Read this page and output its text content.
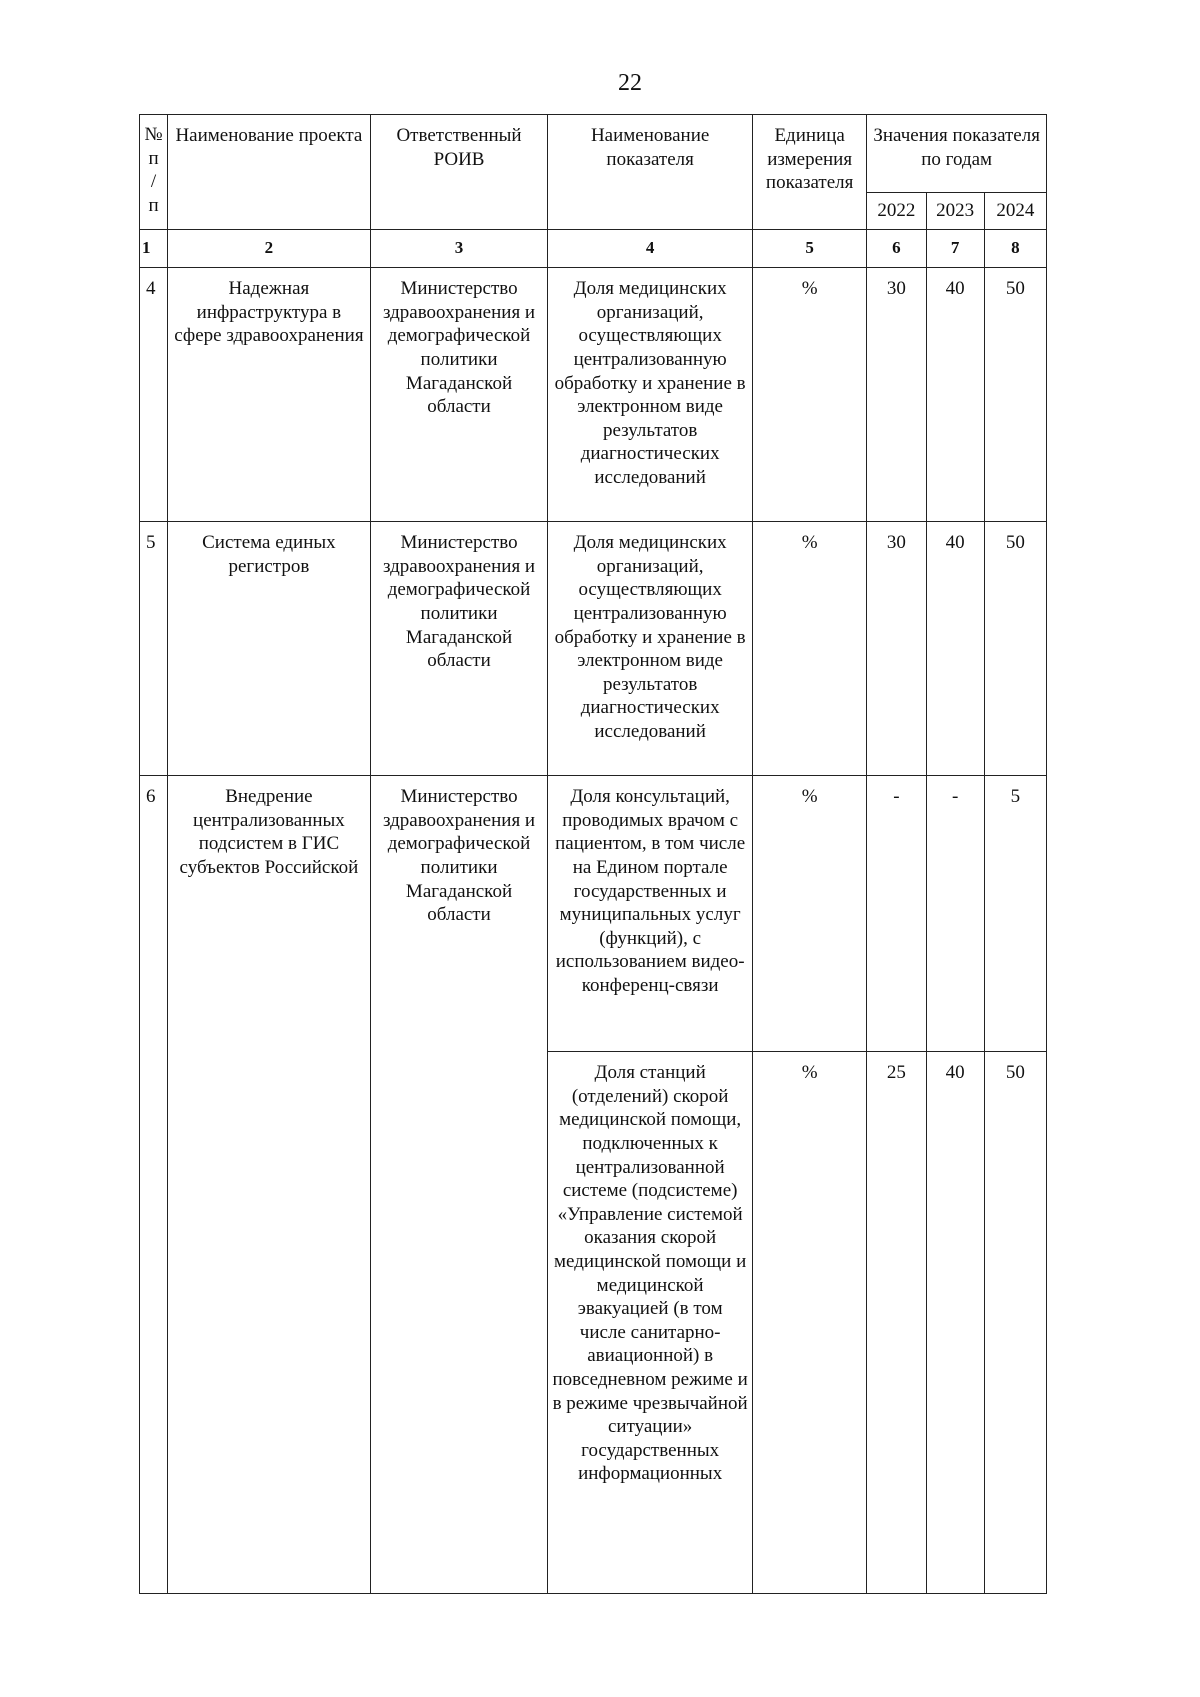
22
№
п
/
п	Наименование проекта	Ответственный РОИВ	Наименование показателя	Единица измерения показателя	Значения показателя по годам		
					2022	2023	2024
1	2	3	4	5	6	7	8
4	Надежная инфраструктура в сфере здравоохранения	Министерство здравоохранения и демографической политики Магаданской области	Доля медицинских организаций, осуществляющих централизованную обработку и хранение в электронном виде результатов диагностических исследований	%	30	40	50
5	Система единых регистров	Министерство здравоохранения и демографической политики Магаданской области	Доля медицинских организаций, осуществляющих централизованную обработку и хранение в электронном виде результатов диагностических исследований	%	30	40	50
6	Внедрение централизованных подсистем в ГИС субъектов Российской	Министерство здравоохранения и демографической политики Магаданской области	Доля консультаций, проводимых врачом с пациентом, в том числе на Едином портале государственных и муниципальных услуг (функций), с использованием видео-конференц-связи	%	-	-	5
			Доля станций (отделений) скорой медицинской помощи, подключенных к централизованной системе (подсистеме) «Управление системой оказания скорой медицинской помощи и медицинской эвакуацией (в том числе санитарно-авиационной) в повседневном режиме и в режиме чрезвычайной ситуации» государственных информационных	%	25	40	50
